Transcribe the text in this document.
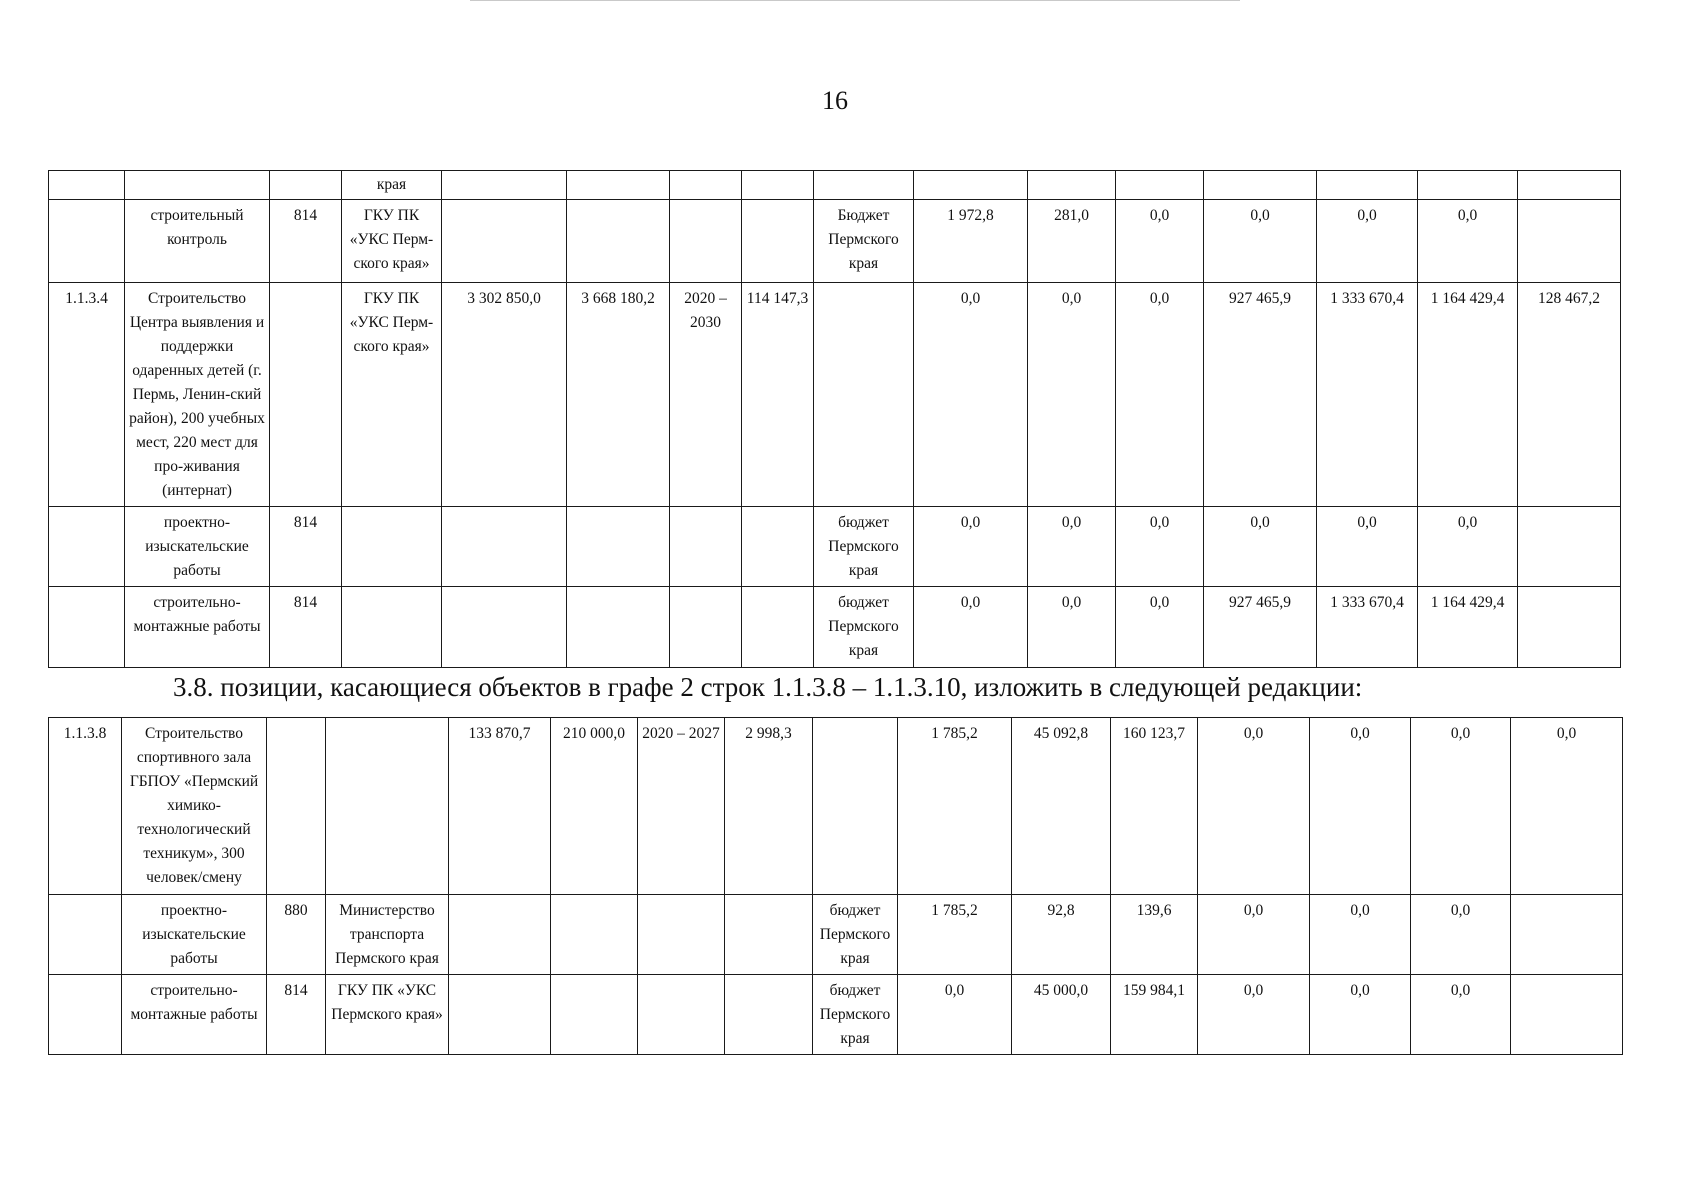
16
			края												
	строительный контроль	814	ГКУ ПК «УКС Перм-ского края»					Бюджет Пермского края	1 972,8	281,0	0,0	0,0	0,0	0,0	
1.1.3.4	Строительство Центра выявления и поддержки одаренных детей (г. Пермь, Ленин-ский район), 200 учебных мест, 220 мест для про-живания (интернат)		ГКУ ПК «УКС Перм-ского края»	3 302 850,0	3 668 180,2	2020 – 2030	114 147,3		0,0	0,0	0,0	927 465,9	1 333 670,4	1 164 429,4	128 467,2
	проектно-изыскательские работы	814						бюджет Пермского края	0,0	0,0	0,0	0,0	0,0	0,0	
	строительно-монтажные работы	814						бюджет Пермского края	0,0	0,0	0,0	927 465,9	1 333 670,4	1 164 429,4	
3.8. позиции, касающиеся объектов в графе 2 строк 1.1.3.8 – 1.1.3.10, изложить в следующей редакции:
1.1.3.8	Строительство спортивного зала ГБПОУ «Пермский химико-технологический техникум», 300 человек/смену			133 870,7	210 000,0	2020 – 2027	2 998,3		1 785,2	45 092,8	160 123,7	0,0	0,0	0,0	0,0
	проектно-изыскательские работы	880	Министерство транспорта Пермского края					бюджет Пермского края	1 785,2	92,8	139,6	0,0	0,0	0,0	
	строительно-монтажные работы	814	ГКУ ПК «УКС Пермского края»					бюджет Пермского края	0,0	45 000,0	159 984,1	0,0	0,0	0,0	
